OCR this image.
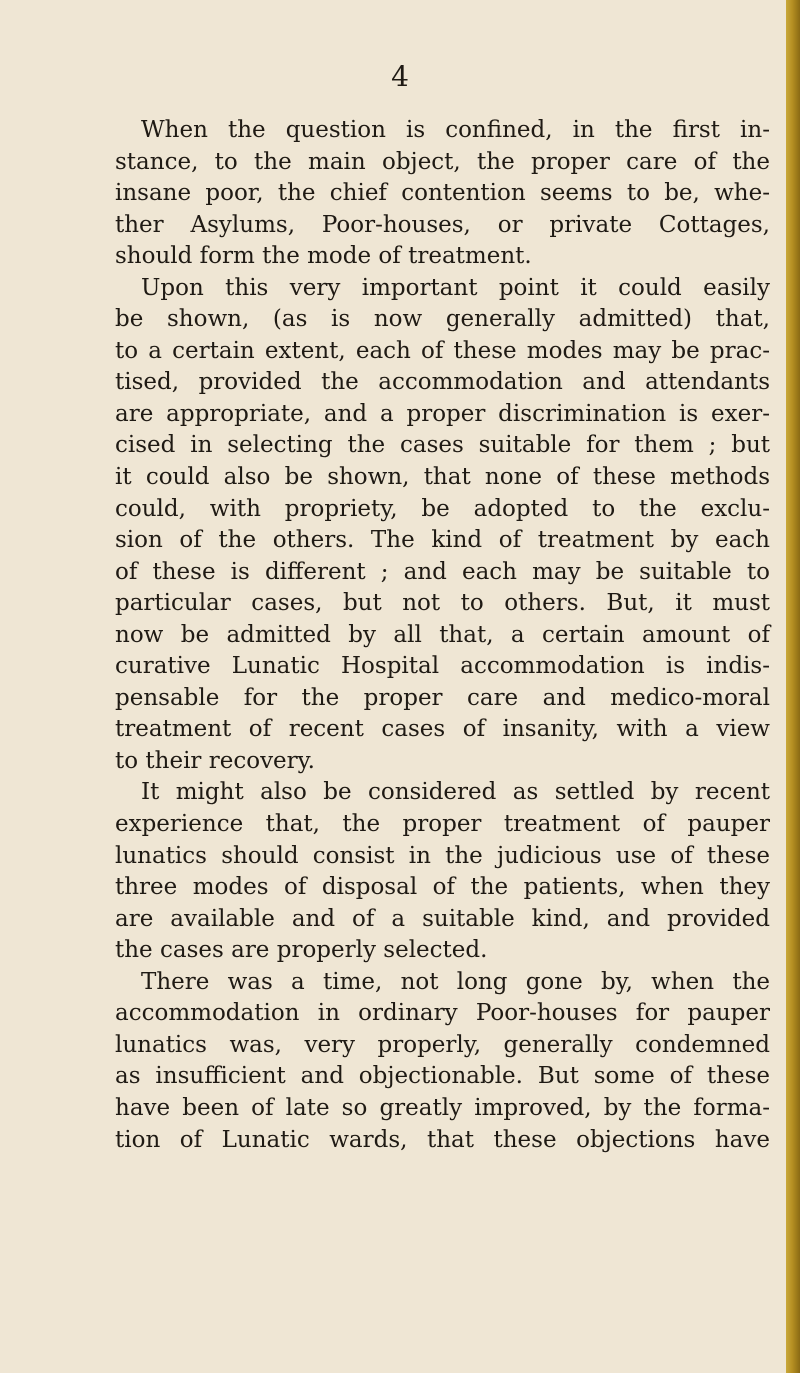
4
When the question is confined, in the first in-
stance, to the main object, the proper care of the
insane poor, the chief contention seems to be, whe-
ther Asylums, Poor-houses, or private Cottages,
should form the mode of treatment.
Upon this very important point it could easily
be shown, (as is now generally admitted) that,
to a certain extent, each of these modes may be prac-
tised, provided the accommodation and attendants
are appropriate, and a proper discrimination is exer-
cised in selecting the cases suitable for them ; but
it could also be shown, that none of these methods
could, with propriety, be adopted to the exclu-
sion of the others. The kind of treatment by each
of these is different ; and each may be suitable to
particular cases, but not to others. But, it must
now be admitted by all that, a certain amount of
curative Lunatic Hospital accommodation is indis-
pensable for the proper care and medico-moral
treatment of recent cases of insanity, with a view
to their recovery.
It might also be considered as settled by recent
experience that, the proper treatment of pauper
lunatics should consist in the judicious use of these
three modes of disposal of the patients, when they
are available and of a suitable kind, and provided
the cases are properly selected.
There was a time, not long gone by, when the
accommodation in ordinary Poor-houses for pauper
lunatics was, very properly, generally condemned
as insufficient and objectionable. But some of these
have been of late so greatly improved, by the forma-
tion of Lunatic wards, that these objections have
